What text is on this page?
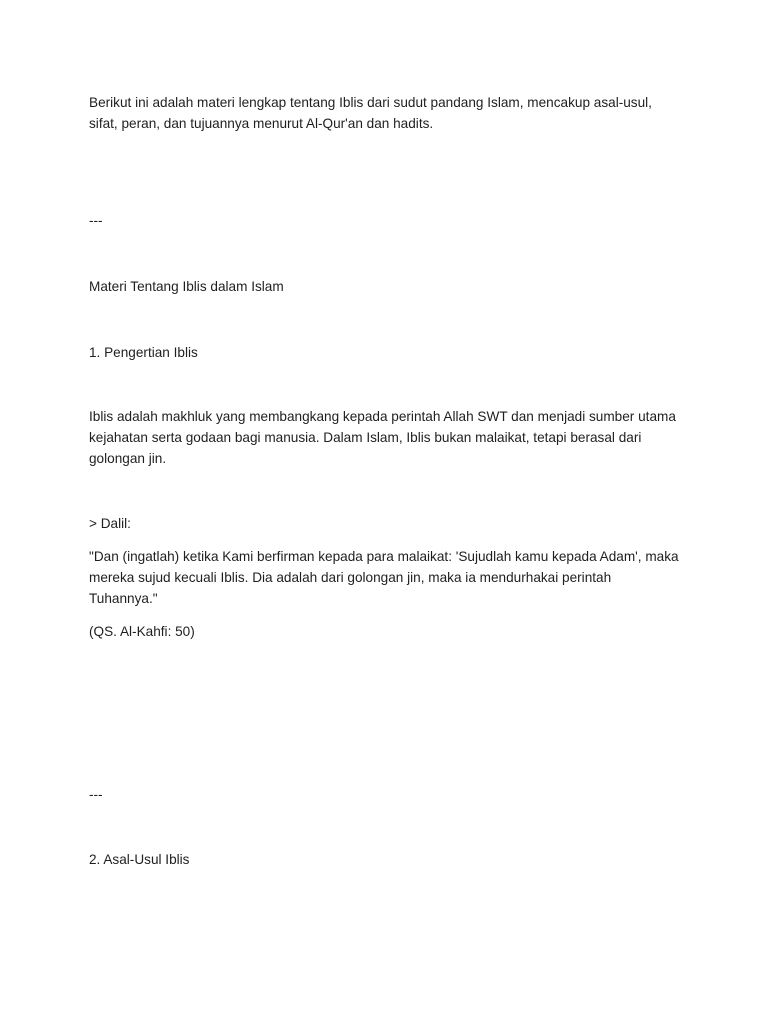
Berikut ini adalah materi lengkap tentang Iblis dari sudut pandang Islam, mencakup asal-usul, sifat, peran, dan tujuannya menurut Al-Qur'an dan hadits.

---

Materi Tentang Iblis dalam Islam

1. Pengertian Iblis

Iblis adalah makhluk yang membangkang kepada perintah Allah SWT dan menjadi sumber utama kejahatan serta godaan bagi manusia. Dalam Islam, Iblis bukan malaikat, tetapi berasal dari golongan jin.

> Dalil:

"Dan (ingatlah) ketika Kami berfirman kepada para malaikat: 'Sujudlah kamu kepada Adam', maka mereka sujud kecuali Iblis. Dia adalah dari golongan jin, maka ia mendurhakai perintah Tuhannya."

(QS. Al-Kahfi: 50)

---

2. Asal-Usul Iblis
